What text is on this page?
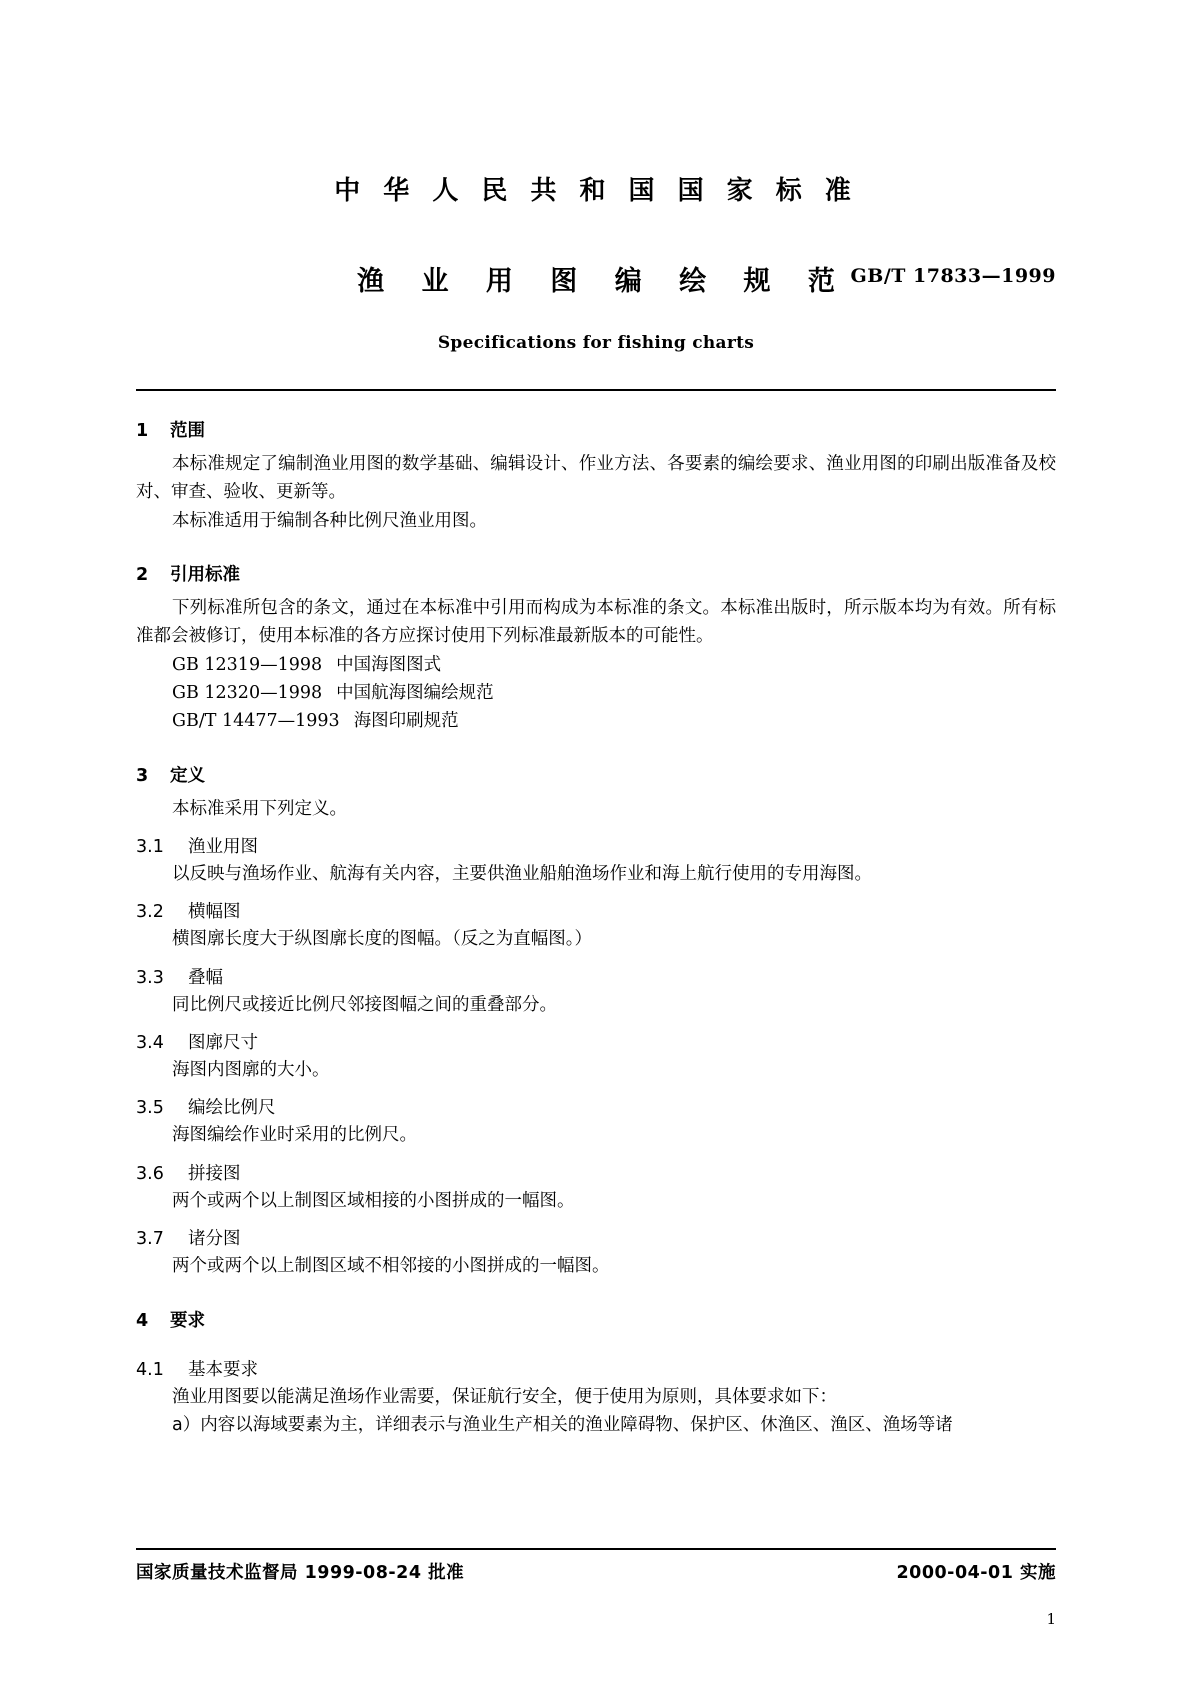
中 华 人 民 共 和 国 国 家 标 准
渔 业 用 图 编 绘 规 范 GB/T 17833—1999
Specifications for fishing charts
1 范围

本标准规定了编制渔业用图的数学基础、编辑设计、作业方法、各要素的编绘要求、渔业用图的印刷出版准备及校对、审查、验收、更新等。

本标准适用于编制各种比例尺渔业用图。

2 引用标准

下列标准所包含的条文，通过在本标准中引用而构成为本标准的条文。本标准出版时，所示版本均为有效。所有标准都会被修订，使用本标准的各方应探讨使用下列标准最新版本的可能性。

GB 12319—1998 中国海图图式

GB 12320—1998 中国航海图编绘规范

GB/T 14477—1993 海图印刷规范

3 定义

本标准采用下列定义。

3.1 渔业用图

以反映与渔场作业、航海有关内容，主要供渔业船舶渔场作业和海上航行使用的专用海图。

3.2 横幅图

横图廓长度大于纵图廓长度的图幅。（反之为直幅图。）

3.3 叠幅

同比例尺或接近比例尺邻接图幅之间的重叠部分。

3.4 图廓尺寸

海图内图廓的大小。

3.5 编绘比例尺

海图编绘作业时采用的比例尺。

3.6 拼接图

两个或两个以上制图区域相接的小图拼成的一幅图。

3.7 诸分图

两个或两个以上制图区域不相邻接的小图拼成的一幅图。

4 要求
4.1 基本要求

渔业用图要以能满足渔场作业需要，保证航行安全，便于使用为原则，具体要求如下：

a）内容以海域要素为主，详细表示与渔业生产相关的渔业障碍物、保护区、休渔区、渔区、渔场等诸

国家质量技术监督局 1999-08-24 批准	2000-04-01 实施
1
